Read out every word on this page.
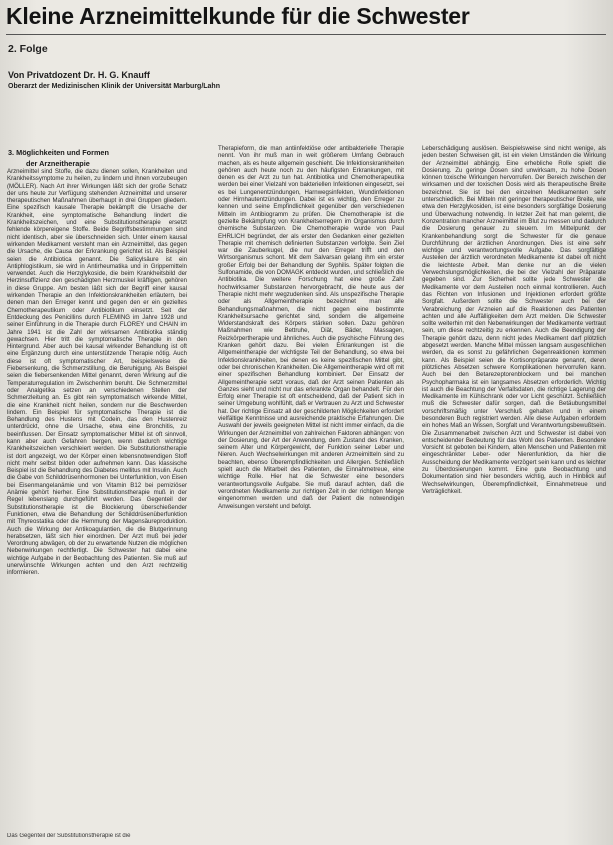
Kleine Arzneimittelkunde für die Schwester
2. Folge
Von Privatdozent Dr. H. G. Knauff
Oberarzt der Medizinischen Klinik der Universität Marburg/Lahn
3. Möglichkeiten und Formen
der Arzneitherapie

Arzneimittel sind Stoffe, die dazu dienen sollen, Krankheiten und Krankheitssymptome zu heilen, zu lindern und ihnen vorzubeugen (MÖLLER). Nach Art ihrer Wirkungen läßt sich der große Schatz der uns heute zur Verfügung stehenden Arzneimittel und unserer therapeutischen Maßnahmen überhaupt in drei Gruppen gliedern. Eine spezifisch kausale Therapie bekämpft die Ursache der Krankheit, eine symptomatische Behandlung lindert die Krankheitszeichen, und eine Substitutionstherapie ersetzt fehlende körpereigene Stoffe. Beide Begriffsbestimmungen sind nicht identisch, aber sie überschneiden sich. Unter einem kausal wirkenden Medikament versteht man ein Arzneimittel, das gegen die Ursache, die Causa der Erkrankung gerichtet ist. Als Beispiel seien die Antibiotica genannt. Die Salicylsäure ist ein Antiphlogistikum, sie wird in Antirheumatika und in Grippemitteln verwendet. Auch die Herzglykoside, die beim Krankheitsbild der Herzinsuffizienz den geschädigten Herzmuskel kräftigen, gehören in diese Gruppe. Am besten läßt sich der Begriff einer kausal wirkenden Therapie an den Infektionskrankheiten erläutern, bei denen man den Erreger kennt und gegen den er ein gezieltes Chemotherapeutikum oder Antibiotikum einsetzt. Seit der Entdeckung des Penicillins durch FLEMING im Jahre 1928 und seiner Einführung in die Therapie durch FLOREY und CHAIN im Jahre 1941 ist die Zahl der wirksamen Antibiotika ständig gewachsen. Hier tritt die symptomatische Therapie in den Hintergrund. Aber auch bei kausal wirkender Behandlung ist oft eine Ergänzung durch eine unterstützende Therapie nötig. Auch diese ist oft symptomatischer Art, beispielsweise die Fiebersenkung, die Schmerzstillung, die Beruhigung. Als Beispiel seien die fiebersenkenden Mittel genannt, deren Wirkung auf die Temperaturregulation im Zwischenhirn beruht. Die Schmerzmittel oder Analgetika setzen an verschiedenen Stellen der Schmerzleitung an. Es gibt rein symptomatisch wirkende Mittel, die eine Krankheit nicht heilen, sondern nur die Beschwerden lindern. Ein Beispiel für symptomatische Therapie ist die Behandlung des Hustens mit Codein, das den Hustenreiz unterdrückt, ohne die Ursache, etwa eine Bronchitis, zu beeinflussen. Der Einsatz symptomatischer Mittel ist oft sinnvoll, kann aber auch Gefahren bergen, wenn dadurch wichtige Krankheitszeichen verschleiert werden. Die Substitutionstherapie ist dort angezeigt, wo der Körper einen lebensnotwendigen Stoff nicht mehr selbst bilden oder aufnehmen kann. Das klassische Beispiel ist die Behandlung des Diabetes mellitus mit Insulin. Auch die Gabe von Schilddrüsenhormonen bei Unterfunktion, von Eisen bei Eisenmangelanämie und von Vitamin B12 bei perniziöser Anämie gehört hierher. Eine Substitutionstherapie muß in der Regel lebenslang durchgeführt werden. Das Gegenteil der Substitutionstherapie ist die Blockierung überschießender Funktionen, etwa die Behandlung der Schilddrüsenüberfunktion mit Thyreostatika oder die Hemmung der Magensäureproduktion. Auch die Wirkung der Antikoagulantien, die die Blutgerinnung herabsetzen, läßt sich hier einordnen. Der Arzt muß bei jeder Verordnung abwägen, ob der zu erwartende Nutzen die möglichen Nebenwirkungen rechtfertigt. Die Schwester hat dabei eine wichtige Aufgabe in der Beobachtung des Patienten. Sie muß auf unerwünschte Wirkungen achten und den Arzt rechtzeitig informieren.

Therapieform, die man antiinfektiöse oder antibakterielle Therapie nennt. Von ihr muß man in weit größerem Umfang Gebrauch machen, als es heute allgemein geschieht. Die Infektionskrankheiten gehören auch heute noch zu den häufigsten Erkrankungen, mit denen es der Arzt zu tun hat. Antibiotika und Chemotherapeutika werden bei einer Vielzahl von bakteriellen Infektionen eingesetzt, sei es bei Lungenentzündungen, Harnwegsinfekten, Wundinfektionen oder Hirnhautentzündungen. Dabei ist es wichtig, den Erreger zu kennen und seine Empfindlichkeit gegenüber den verschiedenen Mitteln im Antibiogramm zu prüfen. Die Chemotherapie ist die gezielte Bekämpfung von Krankheitserregern im Organismus durch chemische Substanzen. Die Chemotherapie wurde von Paul EHRLICH begründet, der als erster den Gedanken einer gezielten Therapie mit chemisch definierten Substanzen verfolgte. Sein Ziel war die Zauberkugel, die nur den Erreger trifft und den Wirtsorganismus schont. Mit dem Salvarsan gelang ihm ein erster großer Erfolg bei der Behandlung der Syphilis. Später folgten die Sulfonamide, die von DOMAGK entdeckt wurden, und schließlich die Antibiotika. Die weitere Forschung hat eine große Zahl hochwirksamer Substanzen hervorgebracht, die heute aus der Therapie nicht mehr wegzudenken sind. Als unspezifische Therapie oder als Allgemeintherapie bezeichnet man alle Behandlungsmaßnahmen, die nicht gegen eine bestimmte Krankheitsursache gerichtet sind, sondern die allgemeine Widerstandskraft des Körpers stärken sollen. Dazu gehören Maßnahmen wie Bettruhe, Diät, Bäder, Massagen, Reizkörpertherapie und ähnliches. Auch die psychische Führung des Kranken gehört dazu. Bei vielen Erkrankungen ist die Allgemeintherapie der wichtigste Teil der Behandlung, so etwa bei Infektionskrankheiten, bei denen es keine spezifischen Mittel gibt, oder bei chronischen Krankheiten. Die Allgemeintherapie wird oft mit einer spezifischen Behandlung kombiniert. Der Einsatz der Allgemeintherapie setzt voraus, daß der Arzt seinen Patienten als Ganzes sieht und nicht nur das erkrankte Organ behandelt. Für den Erfolg einer Therapie ist oft entscheidend, daß der Patient sich in seiner Umgebung wohlfühlt, daß er Vertrauen zu Arzt und Schwester hat. Der richtige Einsatz all der geschilderten Möglichkeiten erfordert vielfältige Kenntnisse und ausreichende praktische Erfahrungen. Die Auswahl der jeweils geeigneten Mittel ist nicht immer einfach, da die Wirkungen der Arzneimittel von zahlreichen Faktoren abhängen: von der Dosierung, der Art der Anwendung, dem Zustand des Kranken, seinem Alter und Körpergewicht, der Funktion seiner Leber und Nieren. Auch Wechselwirkungen mit anderen Arzneimitteln sind zu beachten, ebenso Überempfindlichkeiten und Allergien. Schließlich spielt auch die Mitarbeit des Patienten, die Einnahmetreue, eine wichtige Rolle. Hier hat die Schwester eine besonders verantwortungsvolle Aufgabe. Sie muß darauf achten, daß die verordneten Medikamente zur richtigen Zeit in der richtigen Menge eingenommen werden und daß der Patient die notwendigen Anweisungen versteht und befolgt.

Leberschädigung auslösen. Beispielsweise sind nicht wenige, als jeden besten Schweisen gilt, ist ein vielen Umständen die Wirkung der Arzneimittel abhängig. Eine erhebliche Rolle spielt die Dosierung. Zu geringe Dosen sind unwirksam, zu hohe Dosen können toxische Wirkungen hervorrufen. Der Bereich zwischen der wirksamen und der toxischen Dosis wird als therapeutische Breite bezeichnet. Sie ist bei den einzelnen Medikamenten sehr unterschiedlich. Bei Mitteln mit geringer therapeutischer Breite, wie etwa den Herzglykosiden, ist eine besonders sorgfältige Dosierung und Überwachung notwendig. In letzter Zeit hat man gelernt, die Konzentration mancher Arzneimittel im Blut zu messen und dadurch die Dosierung genauer zu steuern. Im Mittelpunkt der Krankenbehandlung sorgt die Schwester für die genaue Durchführung der ärztlichen Anordnungen. Dies ist eine sehr wichtige und verantwortungsvolle Aufgabe. Das sorgfältige Austeilen der ärztlich verordneten Medikamente ist dabei oft nicht die leichteste Arbeit. Man denke nur an die vielen Verwechslungsmöglichkeiten, die bei der Vielzahl der Präparate gegeben sind. Zur Sicherheit sollte jede Schwester die Medikamente vor dem Austeilen noch einmal kontrollieren. Auch das Richten von Infusionen und Injektionen erfordert größte Sorgfalt. Außerdem sollte die Schwester auch bei der Verabreichung der Arzneien auf die Reaktionen des Patienten achten und alle Auffälligkeiten dem Arzt melden. Die Schwester sollte weiterhin mit den Nebenwirkungen der Medikamente vertraut sein, um diese rechtzeitig zu erkennen. Auch die Beendigung der Therapie gehört dazu, denn nicht jedes Medikament darf plötzlich abgesetzt werden. Manche Mittel müssen langsam ausgeschlichen werden, da es sonst zu gefährlichen Gegenreaktionen kommen kann. Als Beispiel seien die Kortisonpräparate genannt, deren plötzliches Absetzen schwere Komplikationen hervorrufen kann. Auch bei den Betarezeptorenblockern und bei manchen Psychopharmaka ist ein langsames Absetzen erforderlich. Wichtig ist auch die Beachtung der Verfallsdaten, die richtige Lagerung der Medikamente im Kühlschrank oder vor Licht geschützt. Schließlich muß die Schwester dafür sorgen, daß die Betäubungsmittel vorschriftsmäßig unter Verschluß gehalten und in einem besonderen Buch registriert werden. Alle diese Aufgaben erfordern ein hohes Maß an Wissen, Sorgfalt und Verantwortungsbewußtsein. Die Zusammenarbeit zwischen Arzt und Schwester ist dabei von entscheidender Bedeutung für das Wohl des Patienten. Besondere Vorsicht ist geboten bei Kindern, alten Menschen und Patienten mit eingeschränkter Leber- oder Nierenfunktion, da hier die Ausscheidung der Medikamente verzögert sein kann und es leichter zu Überdosierungen kommt. Eine gute Beobachtung und Dokumentation sind hier besonders wichtig, auch in Hinblick auf Wechselwirkungen, Überempfindlichkeit, Einnahmetreue und Verträglichkeit.

Das Gegenteil der Substitutionstherapie ist die
